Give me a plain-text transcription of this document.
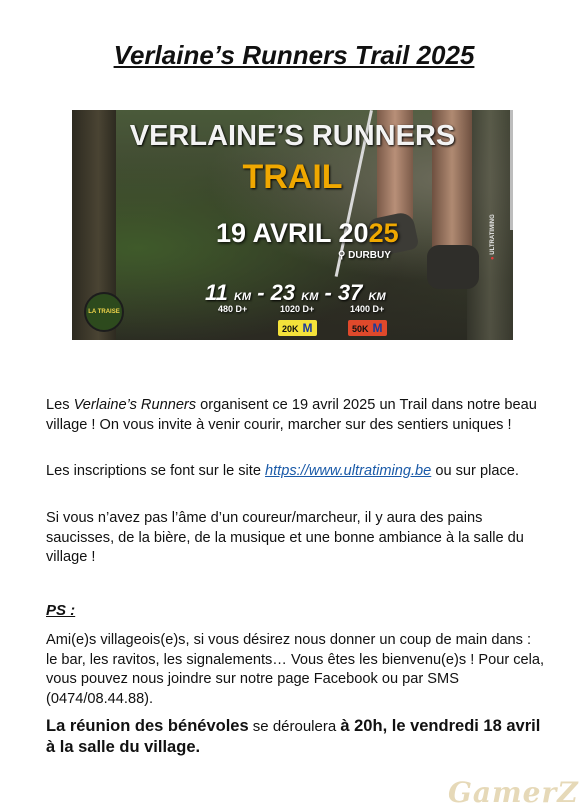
Verlaine’s Runners Trail 2025
VERLAINE’S RUNNERS
TRAIL
19 AVRIL 2025
⚲ DURBUY
11 KM - 23 KM - 37 KM
480 D+	1020 D+	1400 D+
20K M	50K M
LA TRAISE
● ULTRATIMING

Les Verlaine’s Runners organisent ce 19 avril 2025 un Trail dans notre beau village ! On vous invite à venir courir, marcher sur des sentiers uniques !

Les inscriptions se font sur le site https://www.ultratiming.be ou sur place.

Si vous n’avez pas l’âme d’un coureur/marcheur, il y aura des pains saucisses, de la bière, de la musique et une bonne ambiance à la salle du village !

PS :

Ami(e)s villageois(e)s, si vous désirez nous donner un coup de main dans : le bar, les ravitos, les signalements… Vous êtes les bienvenu(e)s ! Pour cela, vous pouvez nous joindre sur notre page Facebook ou par SMS (0474/08.44.88).

La réunion des bénévoles se déroulera à 20h, le vendredi 18 avril à la salle du village.

GamerZ
